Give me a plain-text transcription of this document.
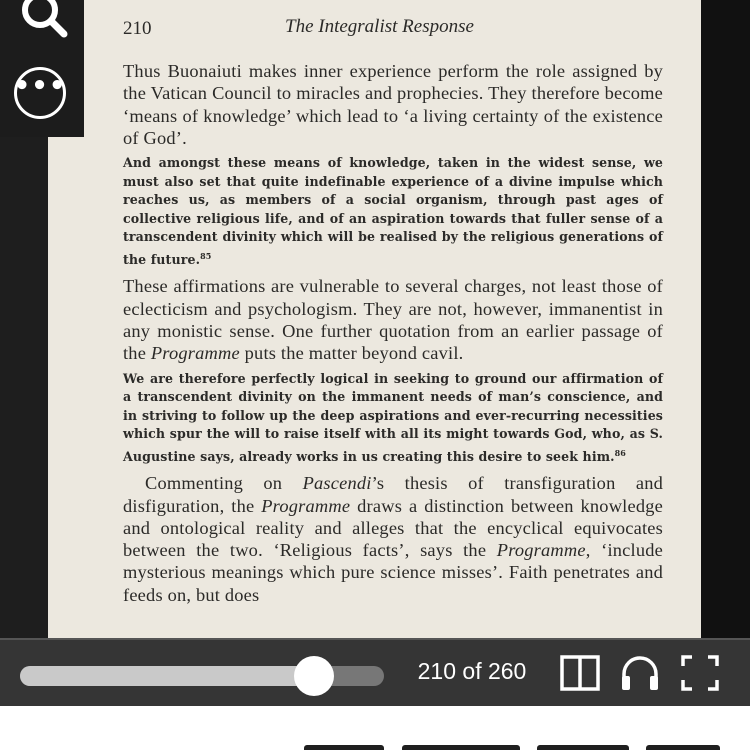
210	The Integralist Response

Thus Buonaiuti makes inner experience perform the role assigned by the Vatican Council to miracles and prophecies. They therefore become ‘means of knowledge’ which lead to ‘a living certainty of the existence of God’.

And amongst these means of knowledge, taken in the widest sense, we must also set that quite indefinable experience of a divine impulse which reaches us, as members of a social organism, through past ages of collective religious life, and of an aspiration towards that fuller sense of a transcendent divinity which will be realised by the religious generations of the future.$^{85}$

These affirmations are vulnerable to several charges, not least those of eclecticism and psychologism. They are not, however, immanentist in any monistic sense. One further quotation from an earlier passage of the Programme puts the matter beyond cavil.

We are therefore perfectly logical in seeking to ground our affirmation of a transcendent divinity on the immanent needs of man’s conscience, and in striving to follow up the deep aspirations and ever-recurring necessities which spur the will to raise itself with all its might towards God, who, as S. Augustine says, already works in us creating this desire to seek him.$^{86}$

Commenting on Pascendi’s thesis of transfiguration and disfiguration, the Programme draws a distinction between knowledge and ontological reality and alleges that the encyclical equivocates between the two. ‘Religious facts’, says the Programme, ‘include mysterious meanings which pure science misses’. Faith penetrates and feeds on, but does

•••
210 of 260
